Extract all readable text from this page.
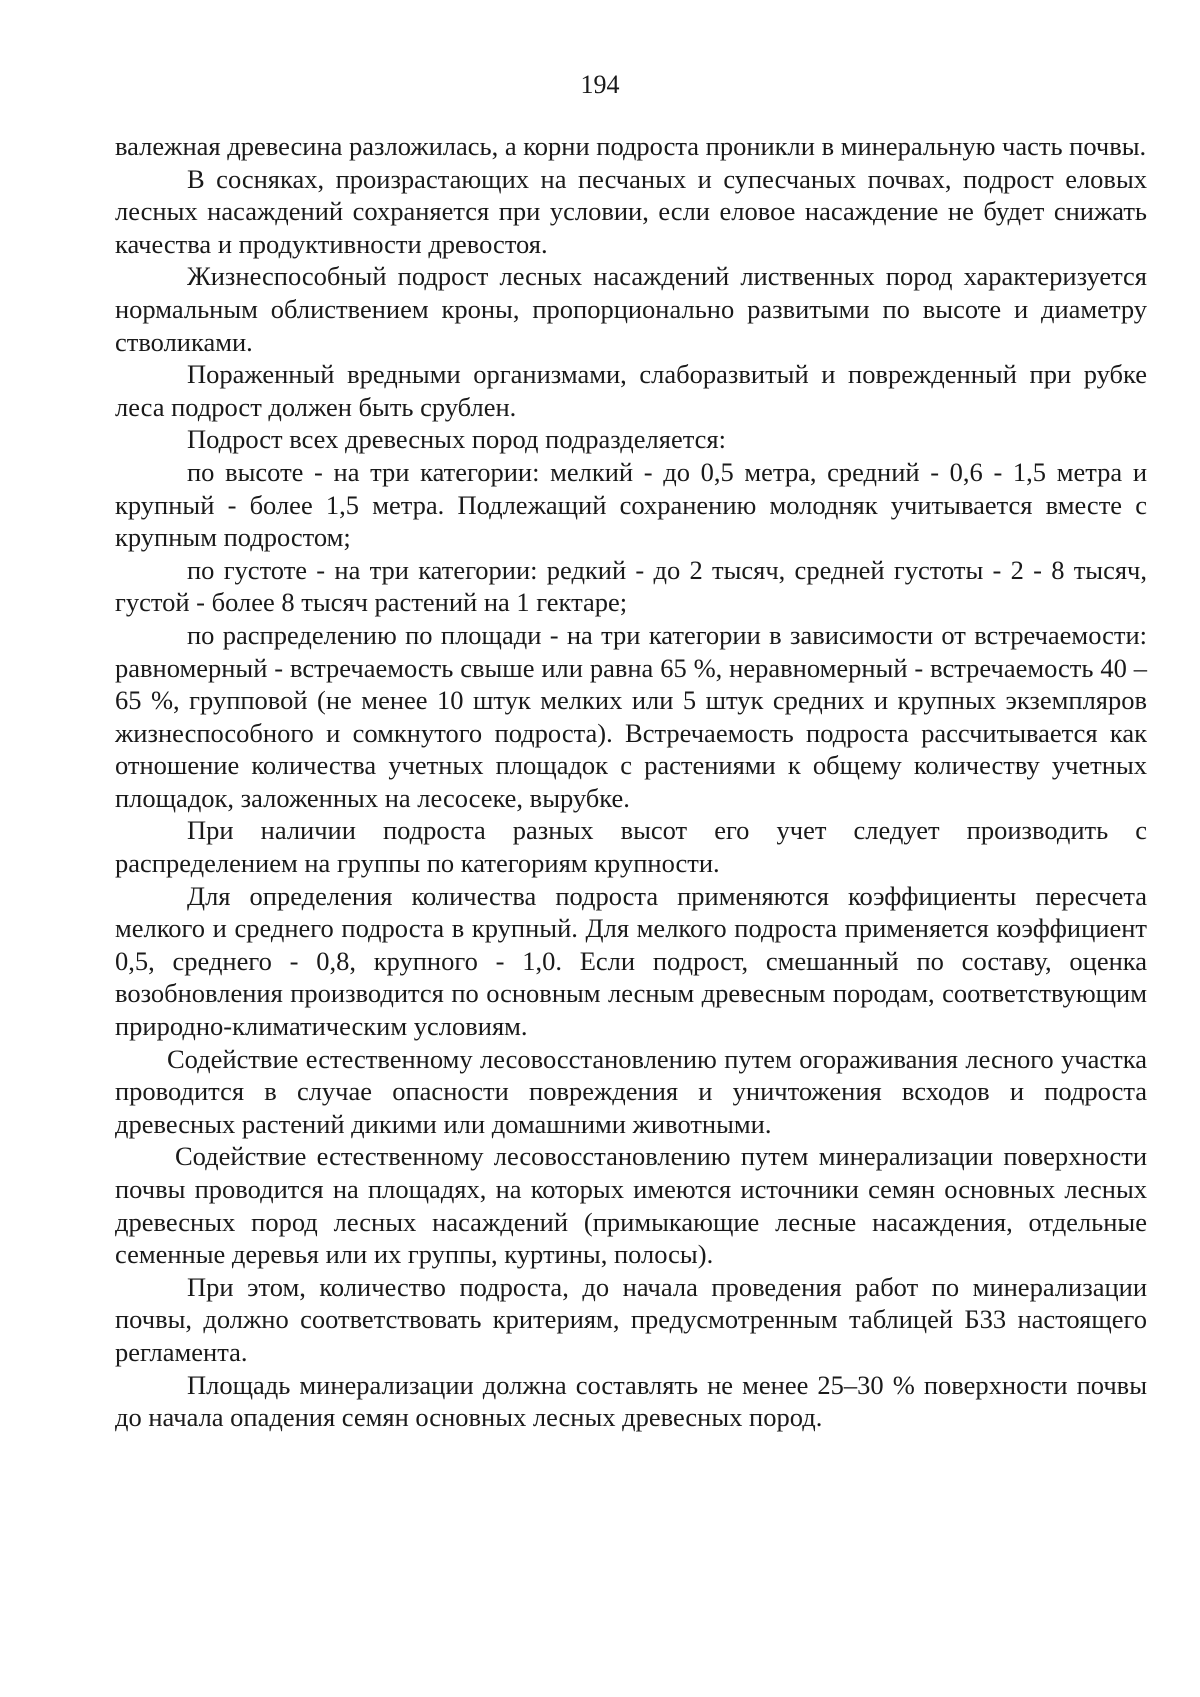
194

валежная древесина разложилась, а корни подроста проникли в минеральную часть почвы.

В сосняках, произрастающих на песчаных и супесчаных почвах, подрост еловых лесных насаждений сохраняется при условии, если еловое насаждение не будет снижать качества и продуктивности древостоя.

Жизнеспособный подрост лесных насаждений лиственных пород характеризуется нормальным облиствением кроны, пропорционально развитыми по высоте и диаметру стволиками.

Пораженный вредными организмами, слаборазвитый и поврежденный при рубке леса подрост должен быть срублен.

Подрост всех древесных пород подразделяется:

по высоте - на три категории: мелкий - до 0,5 метра, средний - 0,6 - 1,5 метра и крупный - более 1,5 метра. Подлежащий сохранению молодняк учитывается вместе с крупным подростом;

по густоте - на три категории: редкий - до 2 тысяч, средней густоты - 2 - 8 тысяч, густой - более 8 тысяч растений на 1 гектаре;

по распределению по площади - на три категории в зависимости от встречаемости: равномерный - встречаемость свыше или равна 65 %, неравномерный - встречаемость 40 – 65 %, групповой (не менее 10 штук мелких или 5 штук средних и крупных экземпляров жизнеспособного и сомкнутого подроста). Встречаемость подроста рассчитывается как отношение количества учетных площадок с растениями к общему количеству учетных площадок, заложенных на лесосеке, вырубке.

При наличии подроста разных высот его учет следует производить с распределением на группы по категориям крупности.

Для определения количества подроста применяются коэффициенты пересчета мелкого и среднего подроста в крупный. Для мелкого подроста применяется коэффициент 0,5, среднего - 0,8, крупного - 1,0. Если подрост, смешанный по составу, оценка возобновления производится по основным лесным древесным породам, соответствующим природно-климатическим условиям.

Содействие естественному лесовосстановлению путем огораживания лесного участка проводится в случае опасности повреждения и уничтожения всходов и подроста древесных растений дикими или домашними животными.

Содействие естественному лесовосстановлению путем минерализации поверхности почвы проводится на площадях, на которых имеются источники семян основных лесных древесных пород лесных насаждений (примыкающие лесные насаждения, отдельные семенные деревья или их группы, куртины, полосы).

При этом, количество подроста, до начала проведения работ по минерализации почвы, должно соответствовать критериям, предусмотренным таблицей Б33 настоящего регламента.

Площадь минерализации должна составлять не менее 25–30 % поверхности почвы до начала опадения семян основных лесных древесных пород.
